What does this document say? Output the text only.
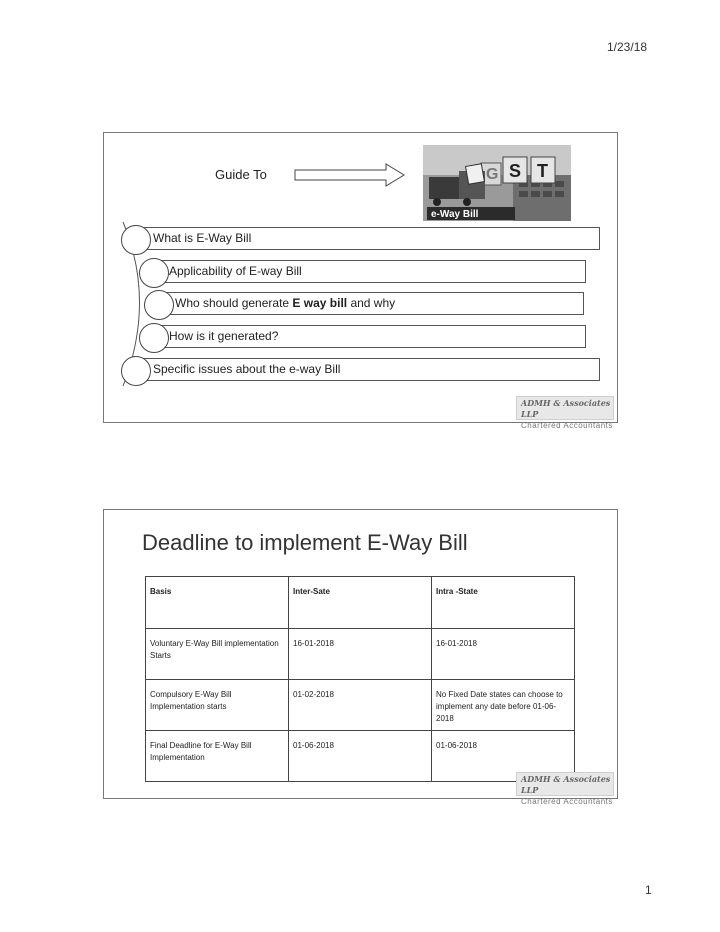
1/23/18
Guide To	G S T
e-Way Bill
What is E-Way Bill
Applicability of E-way Bill
Who should generate E way bill and why
How is it generated?
Specific issues about the e-way Bill
ADMH & Associates LLP
Chartered Accountants
Deadline to implement E-Way Bill
Basis	Inter-Sate	Intra -State
Voluntary E-Way Bill implementation Starts	16-01-2018	16-01-2018
Compulsory E-Way Bill Implementation starts	01-02-2018	No Fixed Date states can choose to implement any date before 01-06-2018
Final Deadline for E-Way Bill Implementation	01-06-2018	01-06-2018
ADMH & Associates LLP
Chartered Accountants
1
